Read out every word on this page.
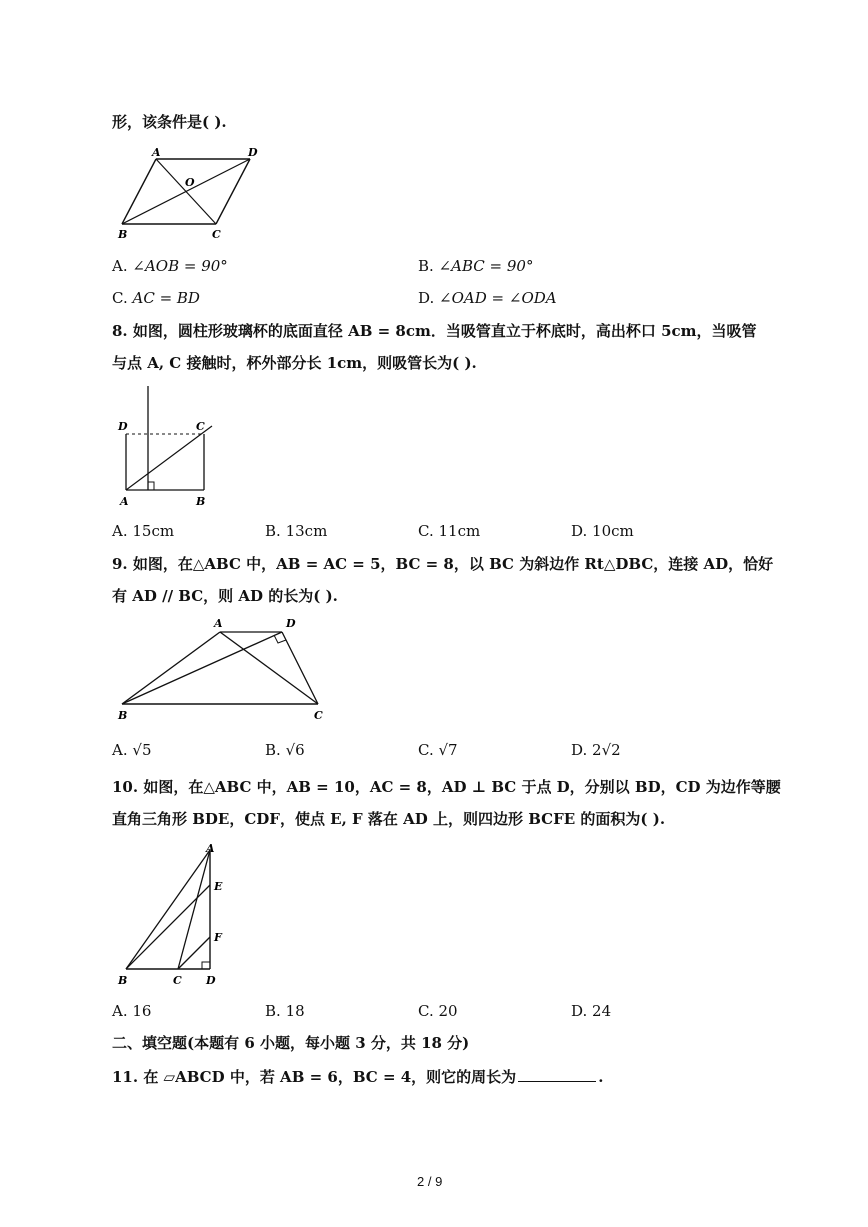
形，该条件是( ).
A	D
O
B	C
A. ∠AOB = 90°	B. ∠ABC = 90°
C. AC = BD	D. ∠OAD = ∠ODA
8. 如图，圆柱形玻璃杯的底面直径 AB = 8cm．当吸管直立于杯底时，高出杯口 5cm，当吸管
与点 A, C 接触时，杯外部分长 1cm，则吸管长为( ).
D	C
A	B
A. 15cm	B. 13cm	C. 11cm	D. 10cm
9. 如图，在△ABC 中，AB = AC = 5，BC = 8，以 BC 为斜边作 Rt△DBC，连接 AD，恰好
有 AD // BC，则 AD 的长为( ).
A	D
B	C
A. √5	B. √6	C. √7	D. 2√2
10. 如图，在△ABC 中，AB = 10，AC = 8，AD ⊥ BC 于点 D，分别以 BD，CD 为边作等腰
直角三角形 BDE，CDF，使点 E, F 落在 AD 上，则四边形 BCFE 的面积为( ).
A
E
F
B	C D
A. 16	B. 18	C. 20	D. 24
二、填空题(本题有 6 小题，每小题 3 分，共 18 分)
11. 在 ▱ABCD 中，若 AB = 6，BC = 4，则它的周长为	.
2 / 9
